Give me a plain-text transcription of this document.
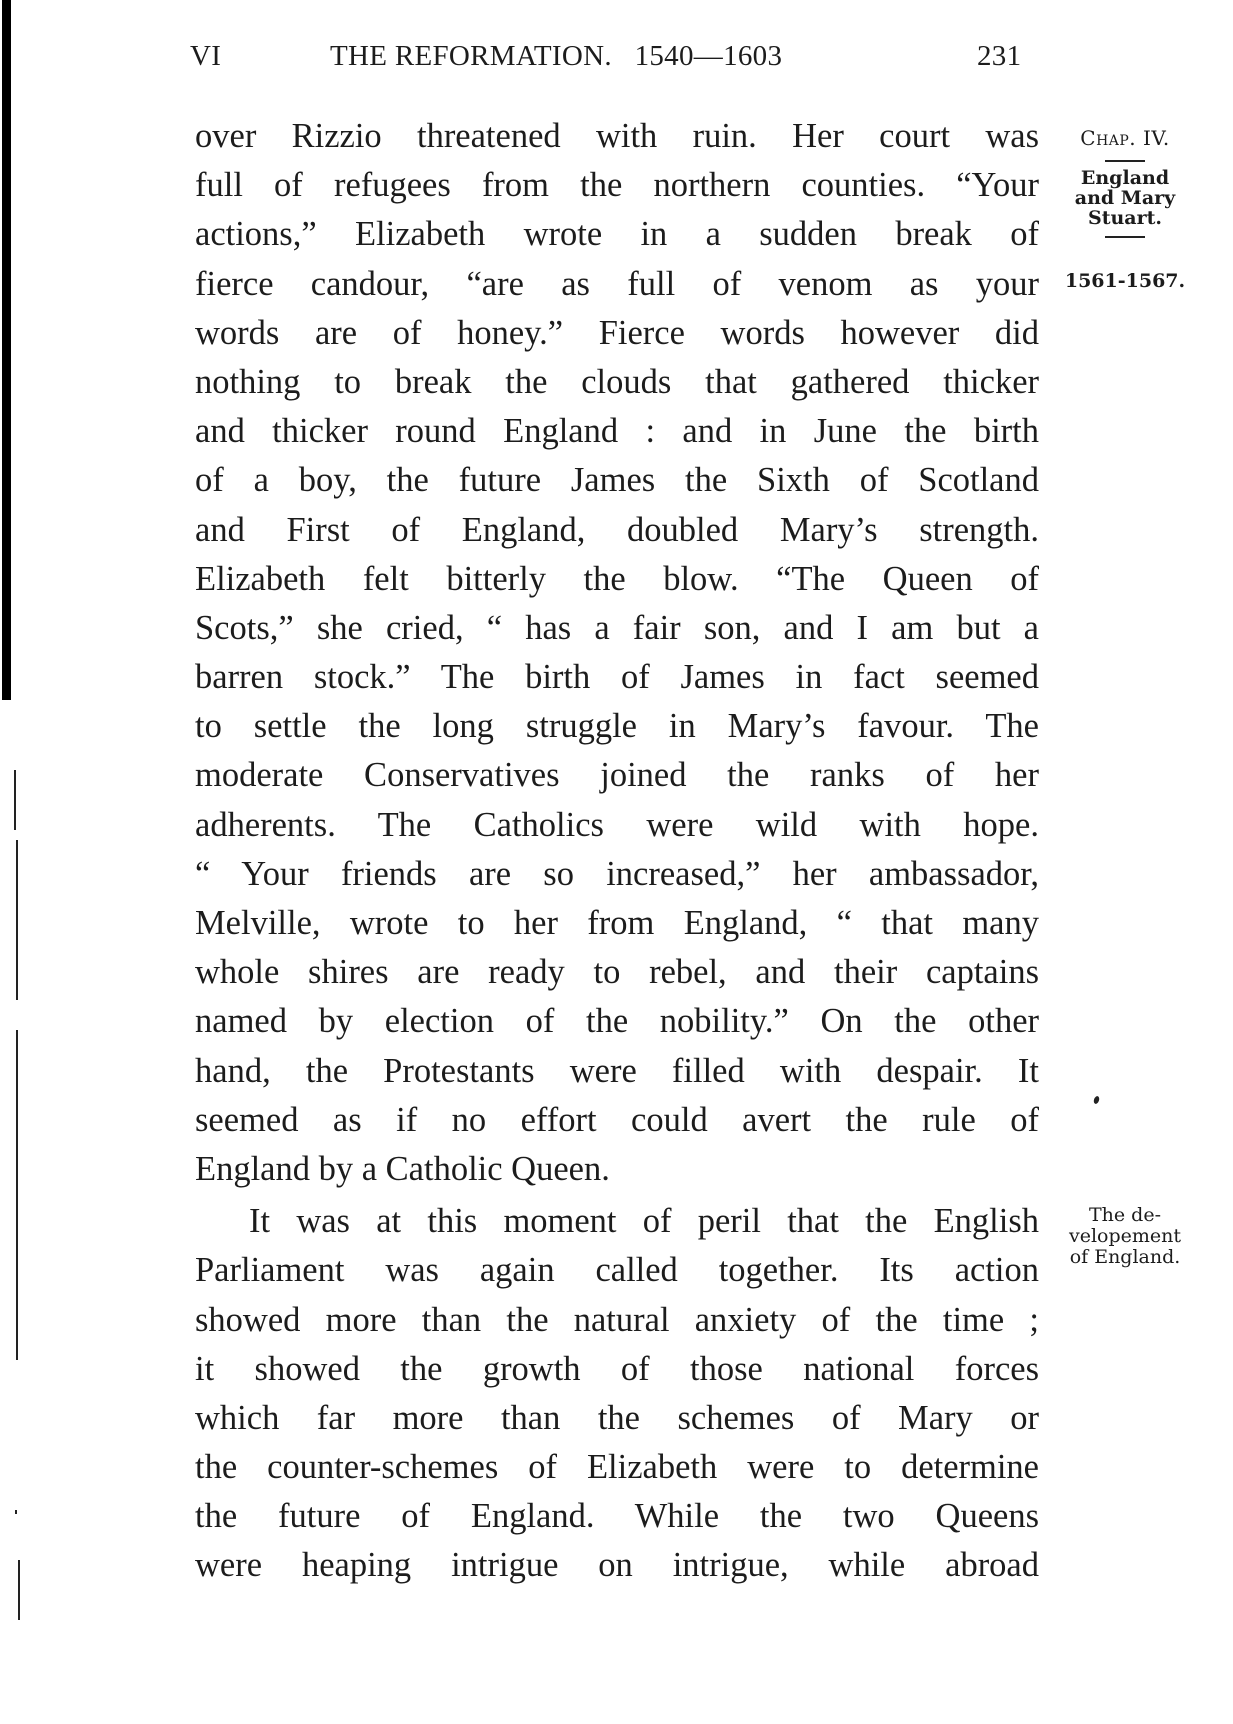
VI	THE REFORMATION.   1540—1603	231
over Rizzio threatened with ruin. Her court was
full of refugees from the northern counties. “Your
actions,” Elizabeth wrote in a sudden break of
fierce candour, “are as full of venom as your
words are of honey.” Fierce words however did
nothing to break the clouds that gathered thicker
and thicker round England : and in June the birth
of a boy, the future James the Sixth of Scotland
and First of England, doubled Mary’s strength.
Elizabeth felt bitterly the blow. “The Queen of
Scots,” she cried, “ has a fair son, and I am but a
barren stock.” The birth of James in fact seemed
to settle the long struggle in Mary’s favour. The
moderate Conservatives joined the ranks of her
adherents. The Catholics were wild with hope.
“ Your friends are so increased,” her ambassador,
Melville, wrote to her from England, “ that many
whole shires are ready to rebel, and their captains
named by election of the nobility.” On the other
hand, the Protestants were filled with despair. It
seemed as if no effort could avert the rule of
England by a Catholic Queen.
It was at this moment of peril that the English
Parliament was again called together. Its action
showed more than the natural anxiety of the time ;
it showed the growth of those national forces
which far more than the schemes of Mary or
the counter-schemes of Elizabeth were to determine
the future of England. While the two Queens
were heaping intrigue on intrigue, while abroad
Chap. IV.
England
and Mary
Stuart.
1561-1567.
The de-
velopement
of England.
